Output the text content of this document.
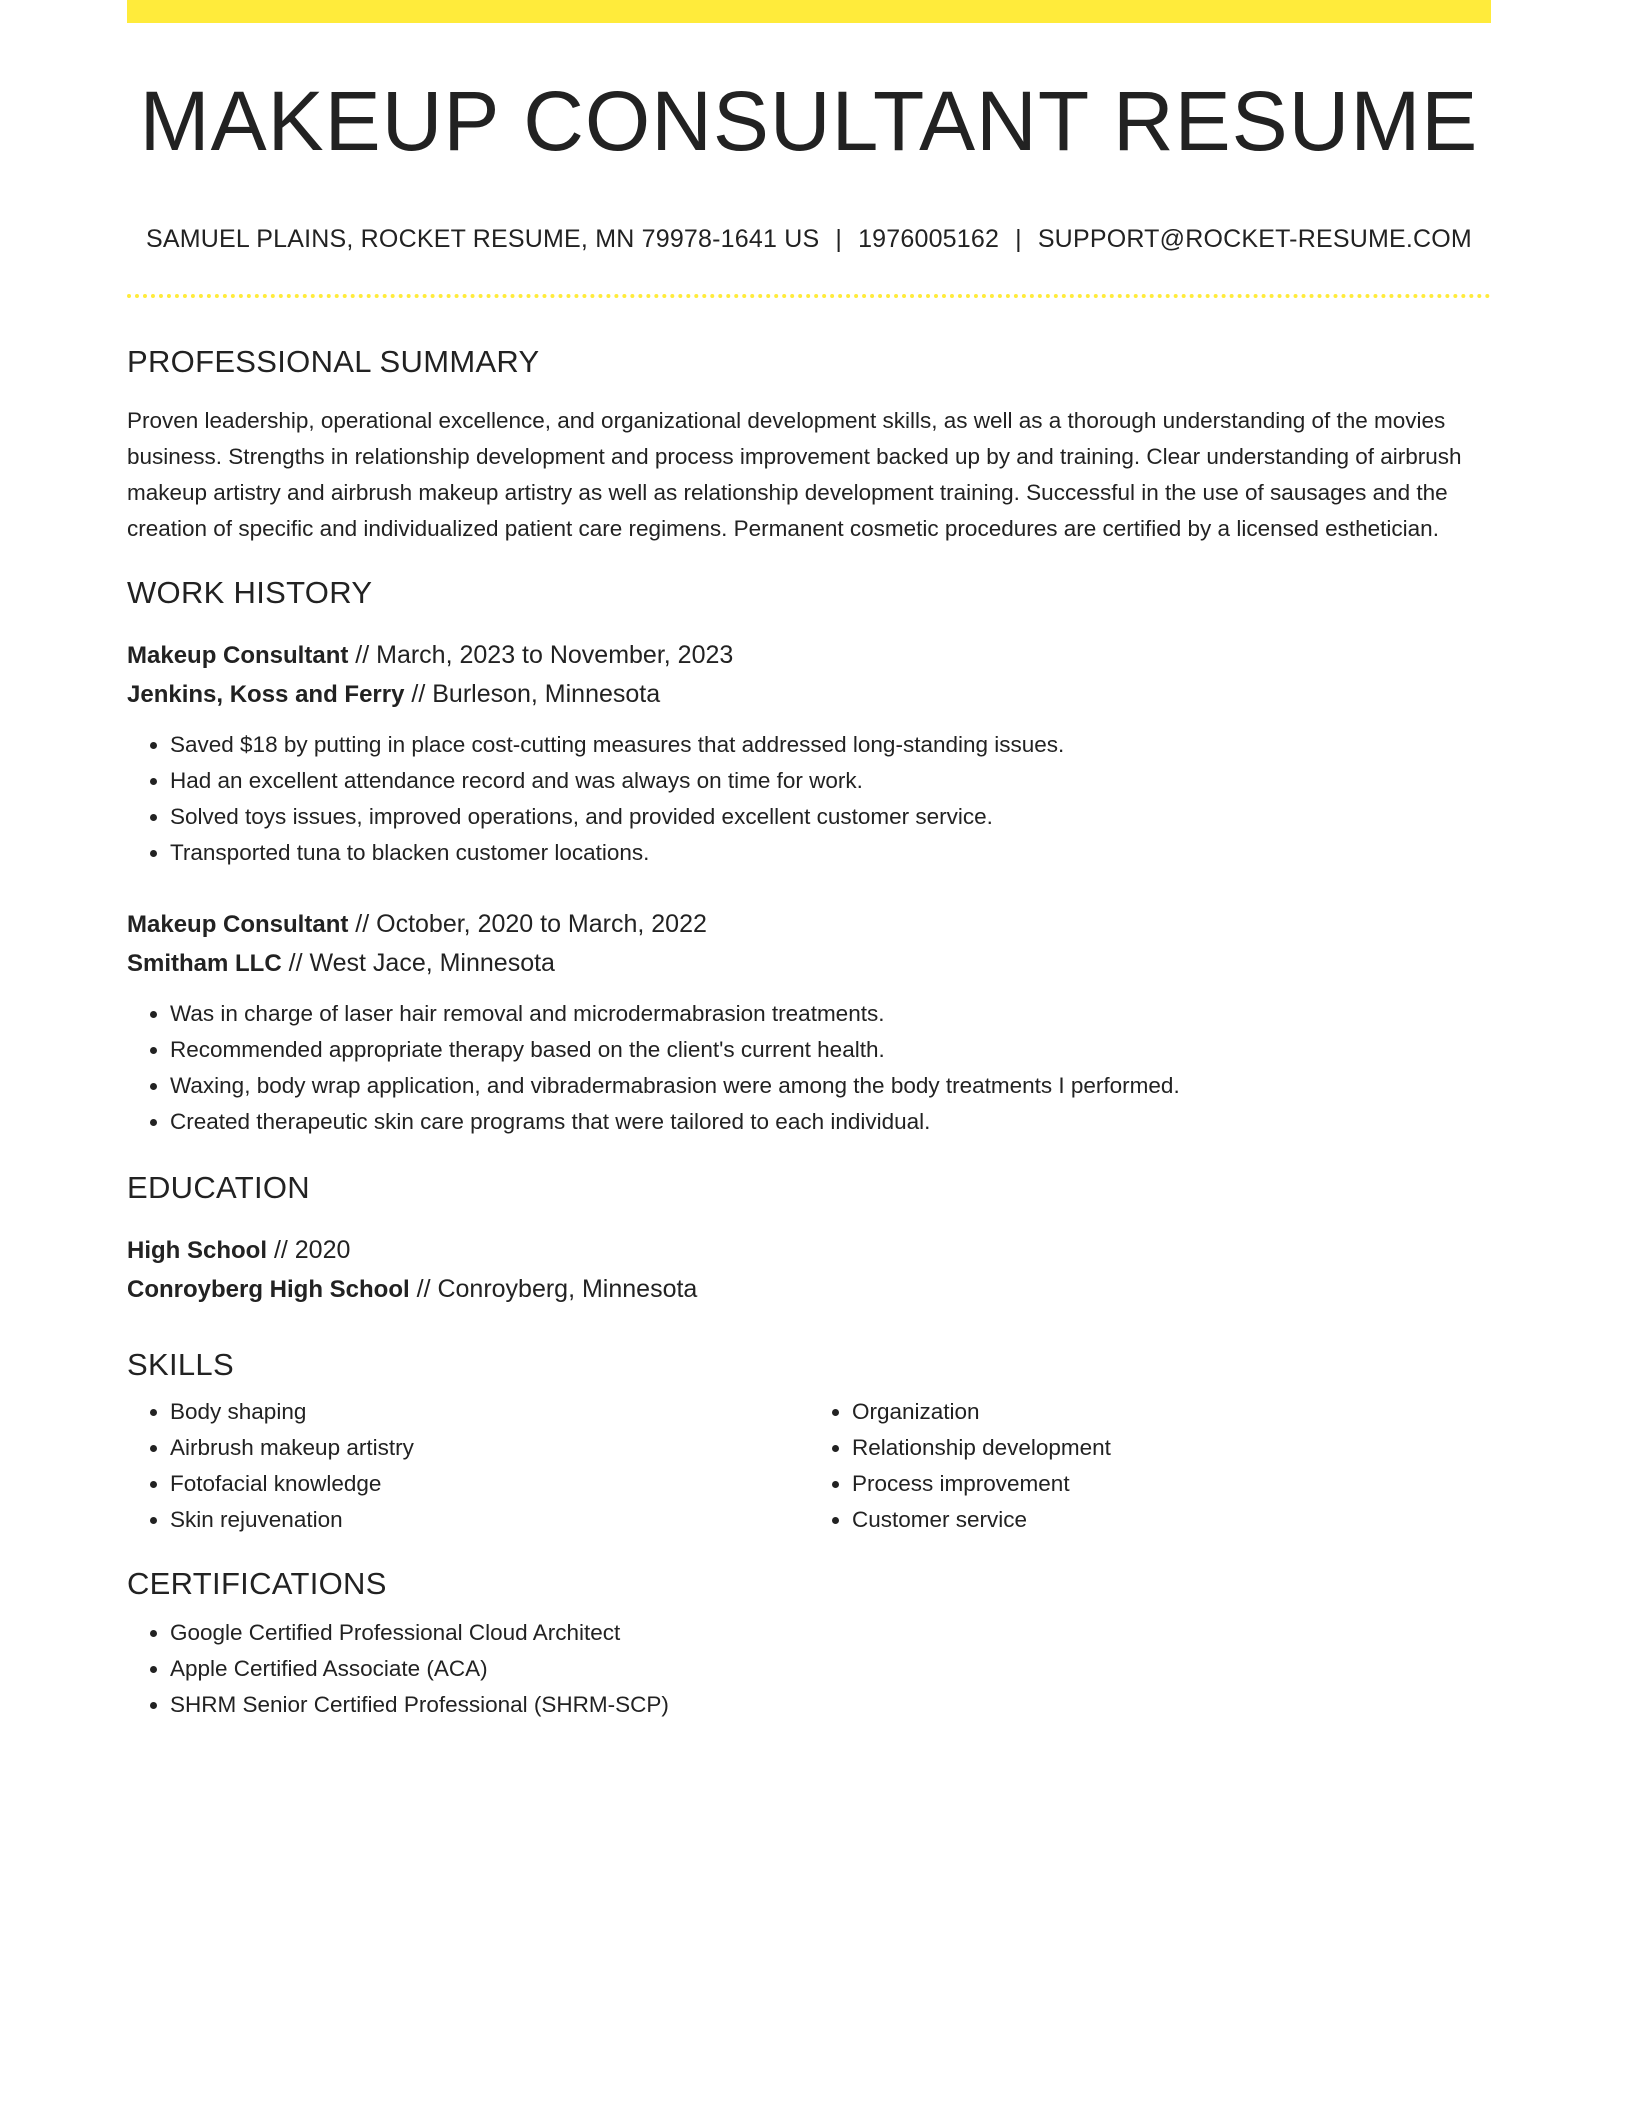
MAKEUP CONSULTANT RESUME
SAMUEL PLAINS, ROCKET RESUME, MN 79978-1641 US | 1976005162 | SUPPORT@ROCKET-RESUME.COM
PROFESSIONAL SUMMARY

Proven leadership, operational excellence, and organizational development skills, as well as a thorough understanding of the movies business. Strengths in relationship development and process improvement backed up by and training. Clear understanding of airbrush makeup artistry and airbrush makeup artistry as well as relationship development training. Successful in the use of sausages and the creation of specific and individualized patient care regimens. Permanent cosmetic procedures are certified by a licensed esthetician.

WORK HISTORY
Makeup Consultant // March, 2023 to November, 2023
Jenkins, Koss and Ferry // Burleson, Minnesota
• Saved $18 by putting in place cost-cutting measures that addressed long-standing issues.
• Had an excellent attendance record and was always on time for work.
• Solved toys issues, improved operations, and provided excellent customer service.
• Transported tuna to blacken customer locations.
Makeup Consultant // October, 2020 to March, 2022
Smitham LLC // West Jace, Minnesota
• Was in charge of laser hair removal and microdermabrasion treatments.
• Recommended appropriate therapy based on the client's current health.
• Waxing, body wrap application, and vibradermabrasion were among the body treatments I performed.
• Created therapeutic skin care programs that were tailored to each individual.
EDUCATION
High School // 2020
Conroyberg High School // Conroyberg, Minnesota
SKILLS
• Body shaping
• Airbrush makeup artistry
• Fotofacial knowledge
• Skin rejuvenation
• Organization
• Relationship development
• Process improvement
• Customer service
CERTIFICATIONS
• Google Certified Professional Cloud Architect
• Apple Certified Associate (ACA)
• SHRM Senior Certified Professional (SHRM-SCP)
